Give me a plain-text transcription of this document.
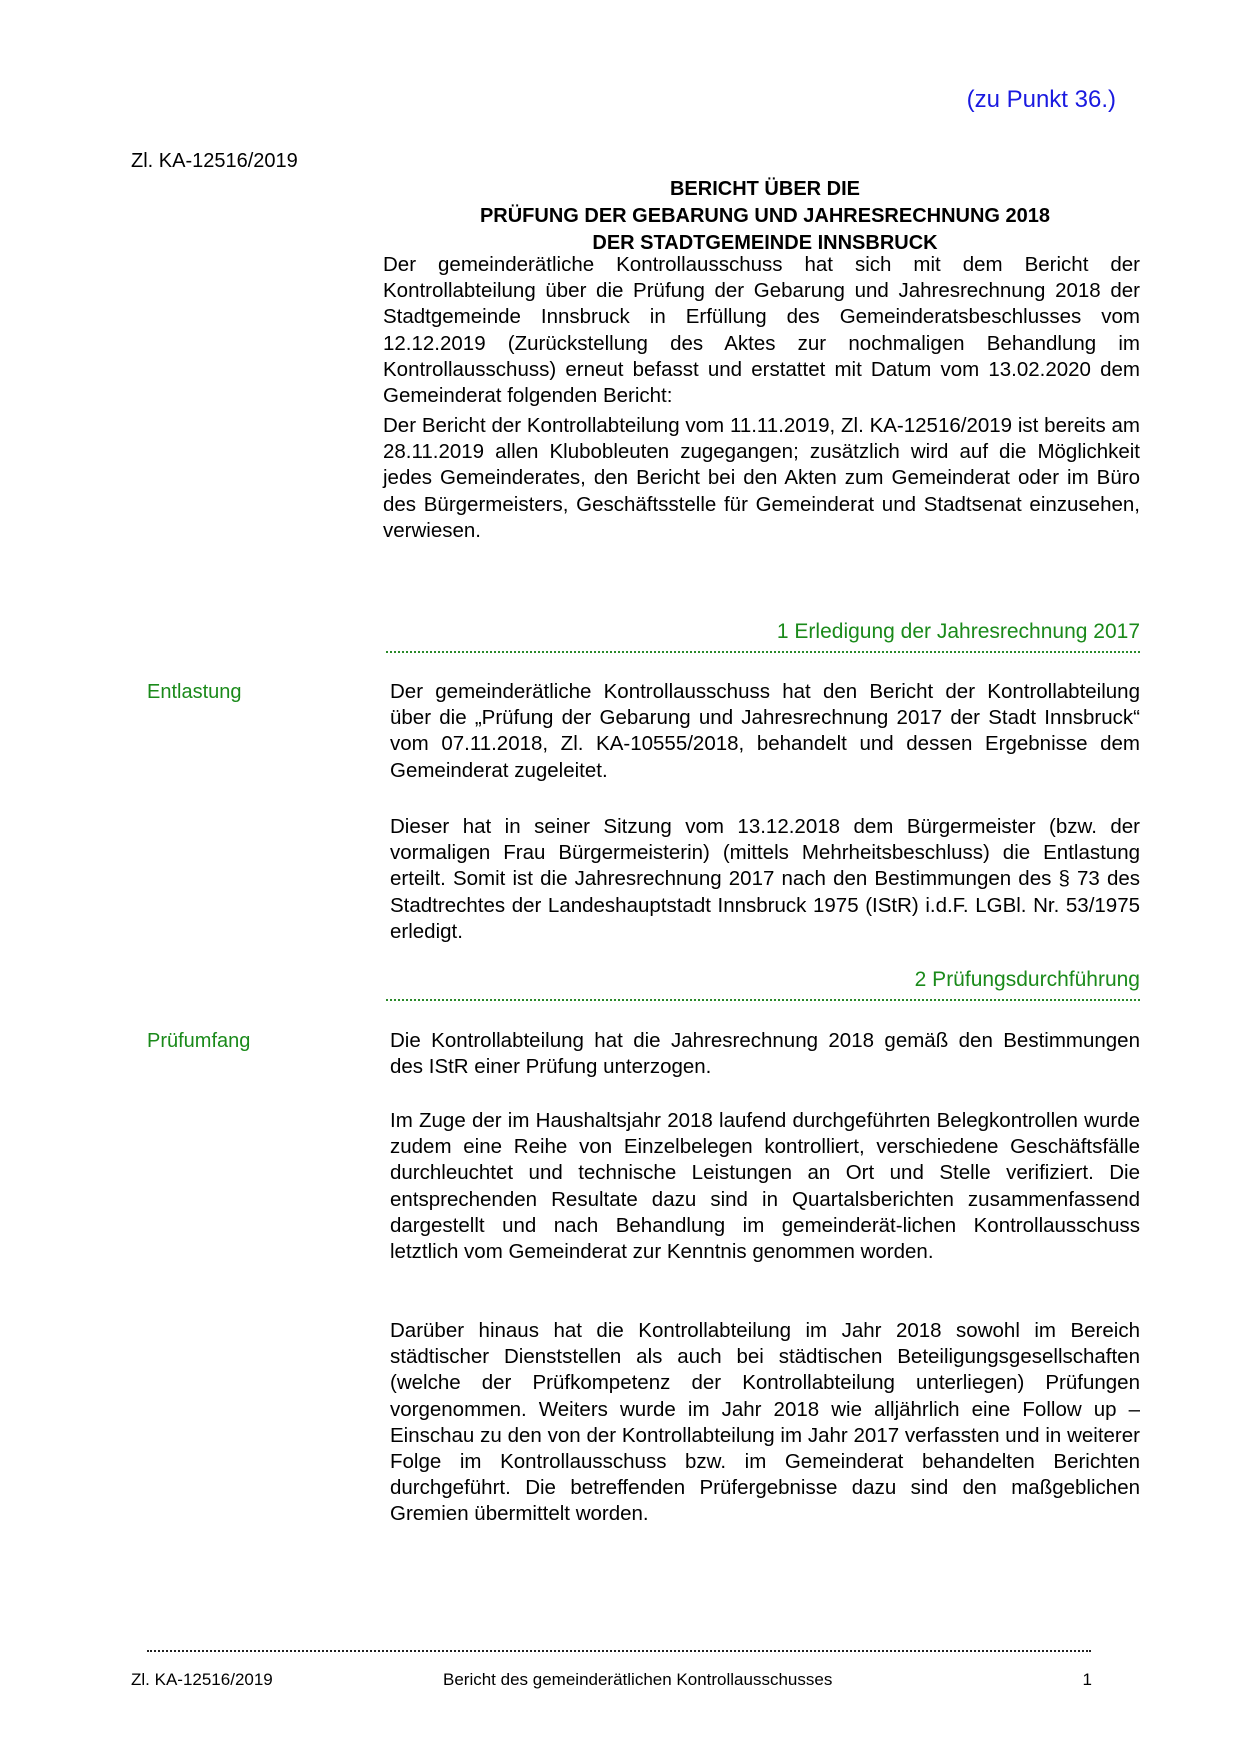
(zu Punkt 36.)
Zl. KA-12516/2019
BERICHT ÜBER DIE
PRÜFUNG DER GEBARUNG UND JAHRESRECHNUNG 2018
DER STADTGEMEINDE INNSBRUCK

Der gemeinderätliche Kontrollausschuss hat sich mit dem Bericht der Kontrollabteilung über die Prüfung der Gebarung und Jahresrechnung 2018 der Stadtgemeinde Innsbruck in Erfüllung des Gemeinderatsbeschlusses vom 12.12.2019 (Zurückstellung des Aktes zur nochmaligen Behandlung im Kontrollausschuss) erneut befasst und erstattet mit Datum vom 13.02.2020 dem Gemeinderat folgenden Bericht:

Der Bericht der Kontrollabteilung vom 11.11.2019, Zl. KA-12516/2019 ist bereits am 28.11.2019 allen Klubobleuten zugegangen; zusätzlich wird auf die Möglichkeit jedes Gemeinderates, den Bericht bei den Akten zum Gemeinderat oder im Büro des Bürgermeisters, Geschäftsstelle für Gemeinderat und Stadtsenat einzusehen, verwiesen.

1 Erledigung der Jahresrechnung 2017
Entlastung	Der gemeinderätliche Kontrollausschuss hat den Bericht der Kontrollabteilung über die „Prüfung der Gebarung und Jahresrechnung 2017 der Stadt Innsbruck“ vom 07.11.2018, Zl. KA-10555/2018, behandelt und dessen Ergebnisse dem Gemeinderat zugeleitet.

Dieser hat in seiner Sitzung vom 13.12.2018 dem Bürgermeister (bzw. der vormaligen Frau Bürgermeisterin) (mittels Mehrheitsbeschluss) die Entlastung erteilt. Somit ist die Jahresrechnung 2017 nach den Bestimmungen des § 73 des Stadtrechtes der Landeshauptstadt Innsbruck 1975 (IStR) i.d.F. LGBl. Nr. 53/1975 erledigt.

2 Prüfungsdurchführung
Prüfumfang	Die Kontrollabteilung hat die Jahresrechnung 2018 gemäß den Bestimmungen des IStR einer Prüfung unterzogen.

Im Zuge der im Haushaltsjahr 2018 laufend durchgeführten Belegkontrollen wurde zudem eine Reihe von Einzelbelegen kontrolliert, verschiedene Geschäftsfälle durchleuchtet und technische Leistungen an Ort und Stelle verifiziert. Die entsprechenden Resultate dazu sind in Quartalsberichten zusammenfassend dargestellt und nach Behandlung im gemeinderät-lichen Kontrollausschuss letztlich vom Gemeinderat zur Kenntnis genommen worden.

Darüber hinaus hat die Kontrollabteilung im Jahr 2018 sowohl im Bereich städtischer Dienststellen als auch bei städtischen Beteiligungsgesellschaften (welche der Prüfkompetenz der Kontrollabteilung unterliegen) Prüfungen vorgenommen. Weiters wurde im Jahr 2018 wie alljährlich eine Follow up – Einschau zu den von der Kontrollabteilung im Jahr 2017 verfassten und in weiterer Folge im Kontrollausschuss bzw. im Gemeinderat behandelten Berichten durchgeführt. Die betreffenden Prüfergebnisse dazu sind den maßgeblichen Gremien übermittelt worden.

Zl. KA-12516/2019	Bericht des gemeinderätlichen Kontrollausschusses	1
